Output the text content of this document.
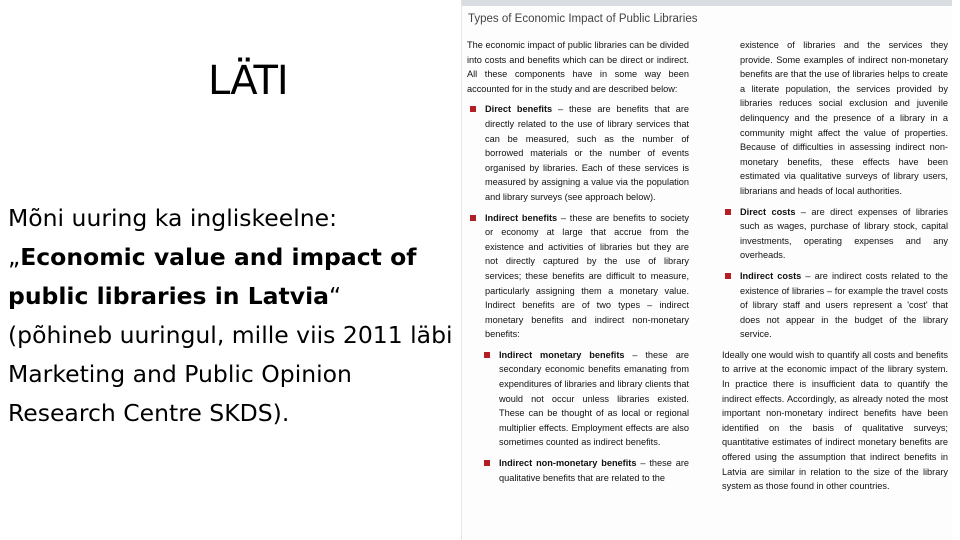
LÄTI
Mõni uuring ka ingliskeelne:
„Economic value and impact of public libraries in Latvia“
(põhineb uuringul, mille viis 2011 läbi Marketing and Public Opinion Research Centre SKDS).
Types of Economic Impact of Public Libraries

The economic impact of public libraries can be divided into costs and benefits which can be direct or indirect. All these components have in some way been accounted for in the study and are described below:

Direct benefits – these are benefits that are directly related to the use of library services that can be measured, such as the number of borrowed materials or the number of events organised by libraries. Each of these services is measured by assigning a value via the population and library surveys (see approach below).
Indirect benefits – these are benefits to society or economy at large that accrue from the existence and activities of libraries but they are not directly captured by the use of library services; these benefits are difficult to measure, particularly assigning them a monetary value. Indirect benefits are of two types – indirect monetary benefits and indirect non-monetary benefits:
Indirect monetary benefits – these are secondary economic benefits emanating from expenditures of libraries and library clients that would not occur unless libraries existed. These can be thought of as local or regional multiplier effects. Employment effects are also sometimes counted as indirect benefits.
Indirect non-monetary benefits – these are qualitative benefits that are related to the

existence of libraries and the services they provide. Some examples of indirect non-monetary benefits are that the use of libraries helps to create a literate population, the services provided by libraries reduces social exclusion and juvenile delinquency and the presence of a library in a community might affect the value of properties. Because of difficulties in assessing indirect non-monetary benefits, these effects have been estimated via qualitative surveys of library users, librarians and heads of local authorities.

Direct costs – are direct expenses of libraries such as wages, purchase of library stock, capital investments, operating expenses and any overheads.
Indirect costs – are indirect costs related to the existence of libraries – for example the travel costs of library staff and users represent a 'cost' that does not appear in the budget of the library service.

Ideally one would wish to quantify all costs and benefits to arrive at the economic impact of the library system. In practice there is insufficient data to quantify the indirect effects. Accordingly, as already noted the most important non-monetary indirect benefits have been identified on the basis of qualitative surveys; quantitative estimates of indirect monetary benefits are offered using the assumption that indirect benefits in Latvia are similar in relation to the size of the library system as those found in other countries.
